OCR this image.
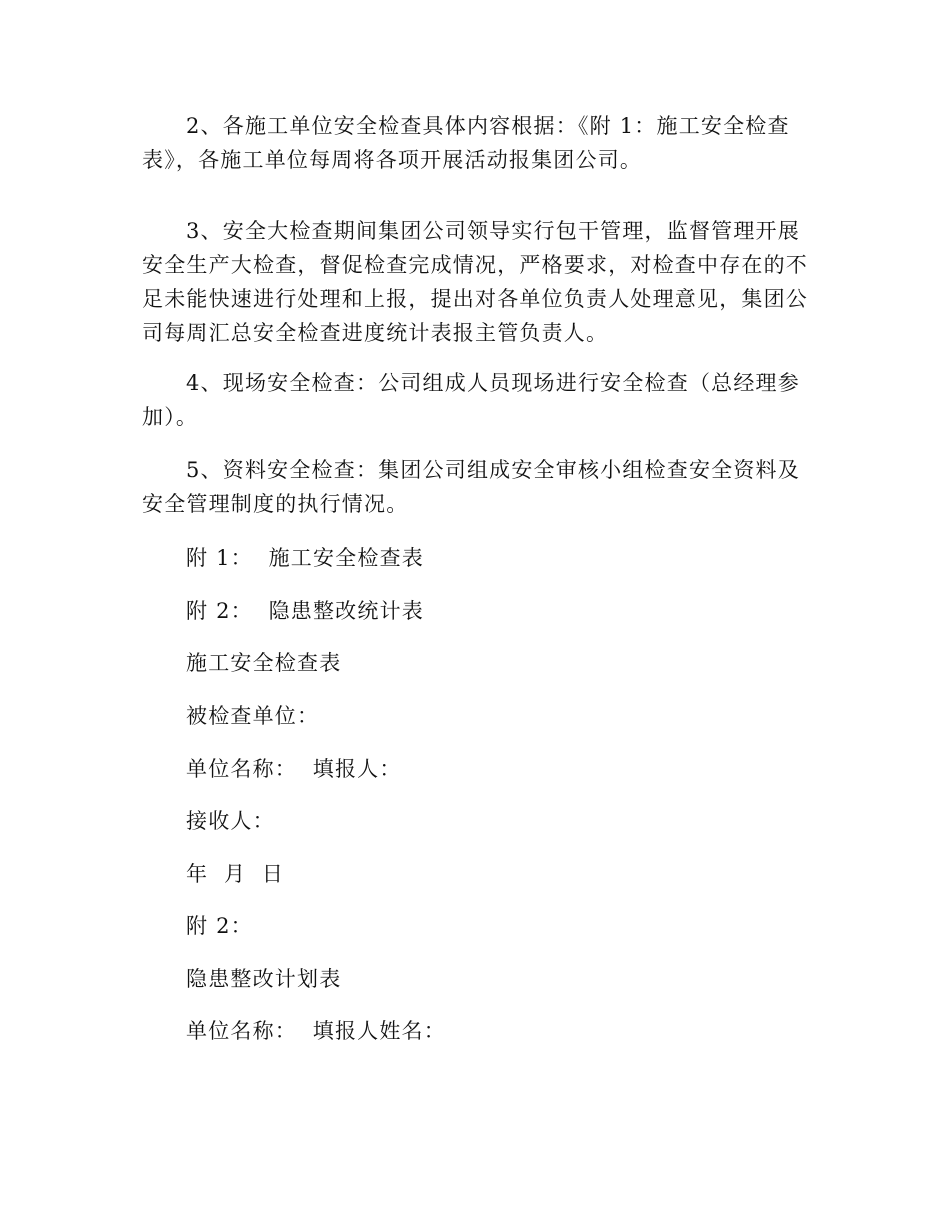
2、各施工单位安全检查具体内容根据：《附 1：施工安全检查表》，各施工单位每周将各项开展活动报集团公司。

3、安全大检查期间集团公司领导实行包干管理，监督管理开展安全生产大检查，督促检查完成情况，严格要求，对检查中存在的不足未能快速进行处理和上报，提出对各单位负责人处理意见，集团公司每周汇总安全检查进度统计表报主管负责人。

4、现场安全检查：公司组成人员现场进行安全检查（总经理参加）。

5、资料安全检查：集团公司组成安全审核小组检查安全资料及安全管理制度的执行情况。

附 1：  施工安全检查表

附 2：  隐患整改统计表

施工安全检查表

被检查单位：

单位名称：  填报人：

接收人：

年  月  日

附 2：

隐患整改计划表

单位名称：  填报人姓名：
